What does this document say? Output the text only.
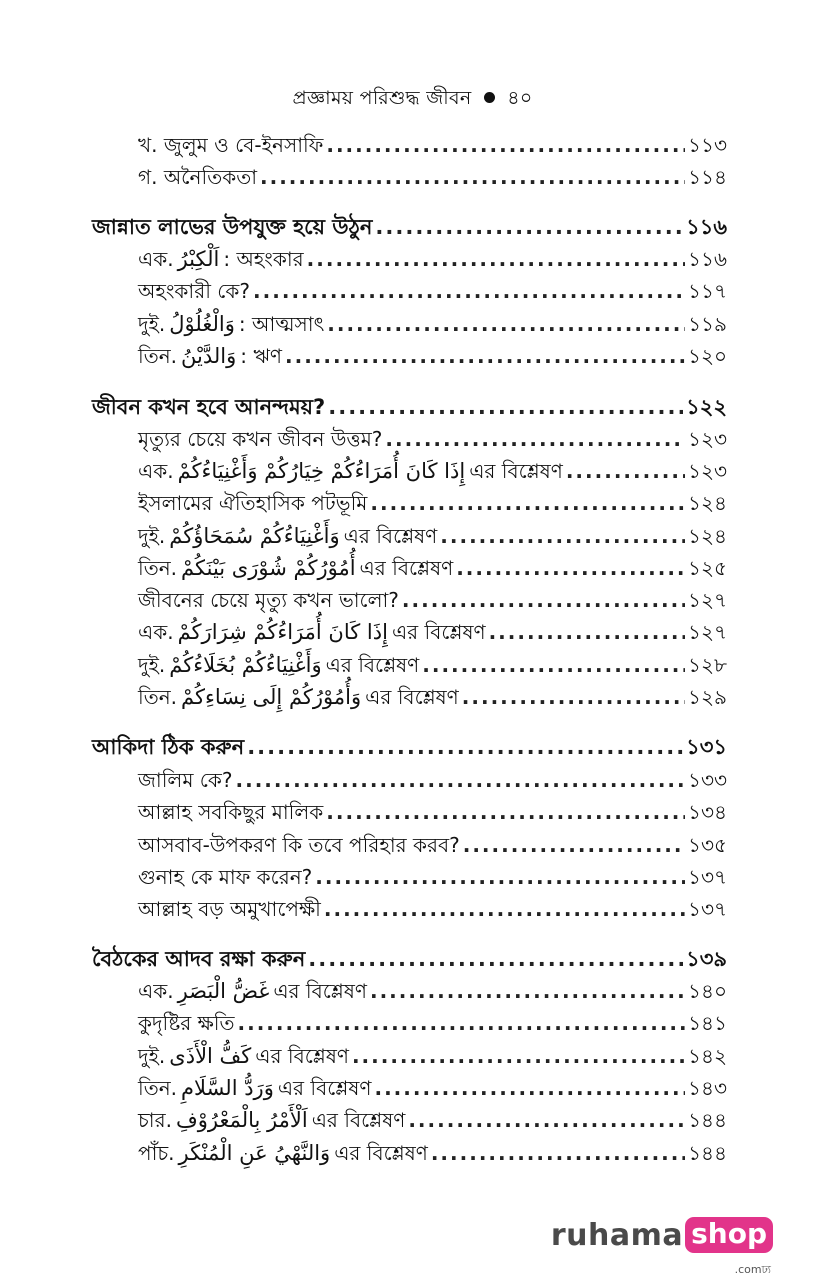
প্রজ্ঞাময় পরিশুদ্ধ জীবন ৪০
খ. জুলুম ও বে-ইনসাফি .....	১১৩
গ. অনৈতিকতা .....	১১৪
জান্নাত লাভের উপযুক্ত হয়ে উঠুন .....	১১৬
এক. اَلْكِبْرُ : অহংকার .....	১১৬
অহংকারী কে? .....	১১৭
দুই. وَالْغُلُوْلُ : আত্মসাৎ .....	১১৯
তিন. وَالدَّيْنُ : ঋণ .....	১২০
জীবন কখন হবে আনন্দময়? .....	১২২
মৃত্যুর চেয়ে কখন জীবন উত্তম? .....	১২৩
এক. إِذَا كَانَ أُمَرَاءُكُمْ خِيَارُكُمْ وَأَغْنِيَاءُكُمْ এর বিশ্লেষণ .....	১২৩
ইসলামের ঐতিহাসিক পটভূমি .....	১২৪
দুই. وَأَغْنِيَاءُكُمْ سُمَحَاؤُكُمْ এর বিশ্লেষণ .....	১২৪
তিন. أُمُوْرُكُمْ شُوْرَى بَيْنَكُمْ এর বিশ্লেষণ .....	১২৫
জীবনের চেয়ে মৃত্যু কখন ভালো? .....	১২৭
এক. إِذَا كَانَ أُمَرَاءُكُمْ شِرَارَكُمْ এর বিশ্লেষণ .....	১২৭
দুই. وَأَغْنِيَاءُكُمْ بُخَلَاءُكُمْ এর বিশ্লেষণ .....	১২৮
তিন. وَأُمُوْرُكُمْ إِلَى نِسَاءِكُمْ এর বিশ্লেষণ .....	১২৯
আকিদা ঠিক করুন .....	১৩১
জালিম কে? .....	১৩৩
আল্লাহ সবকিছুর মালিক .....	১৩৪
আসবাব-উপকরণ কি তবে পরিহার করব? .....	১৩৫
গুনাহ কে মাফ করেন? .....	১৩৭
আল্লাহ বড় অমুখাপেক্ষী .....	১৩৭
বৈঠকের আদব রক্ষা করুন .....	১৩৯
এক. غَضُّ الْبَصَرِ এর বিশ্লেষণ .....	১৪০
কুদৃষ্টির ক্ষতি .....	১৪১
দুই. كَفُّ الْأَذَى এর বিশ্লেষণ .....	১৪২
তিন. وَرَدُّ السَّلَامِ এর বিশ্লেষণ .....	১৪৩
চার. اَلْأَمْرُ بِالْمَعْرُوْفِ এর বিশ্লেষণ .....	১৪৪
পাঁচ. وَالنَّهْيُ عَنِ الْمُنْكَرِ এর বিশ্লেষণ .....	১৪৪
ruhama shop
.comঢ্য
